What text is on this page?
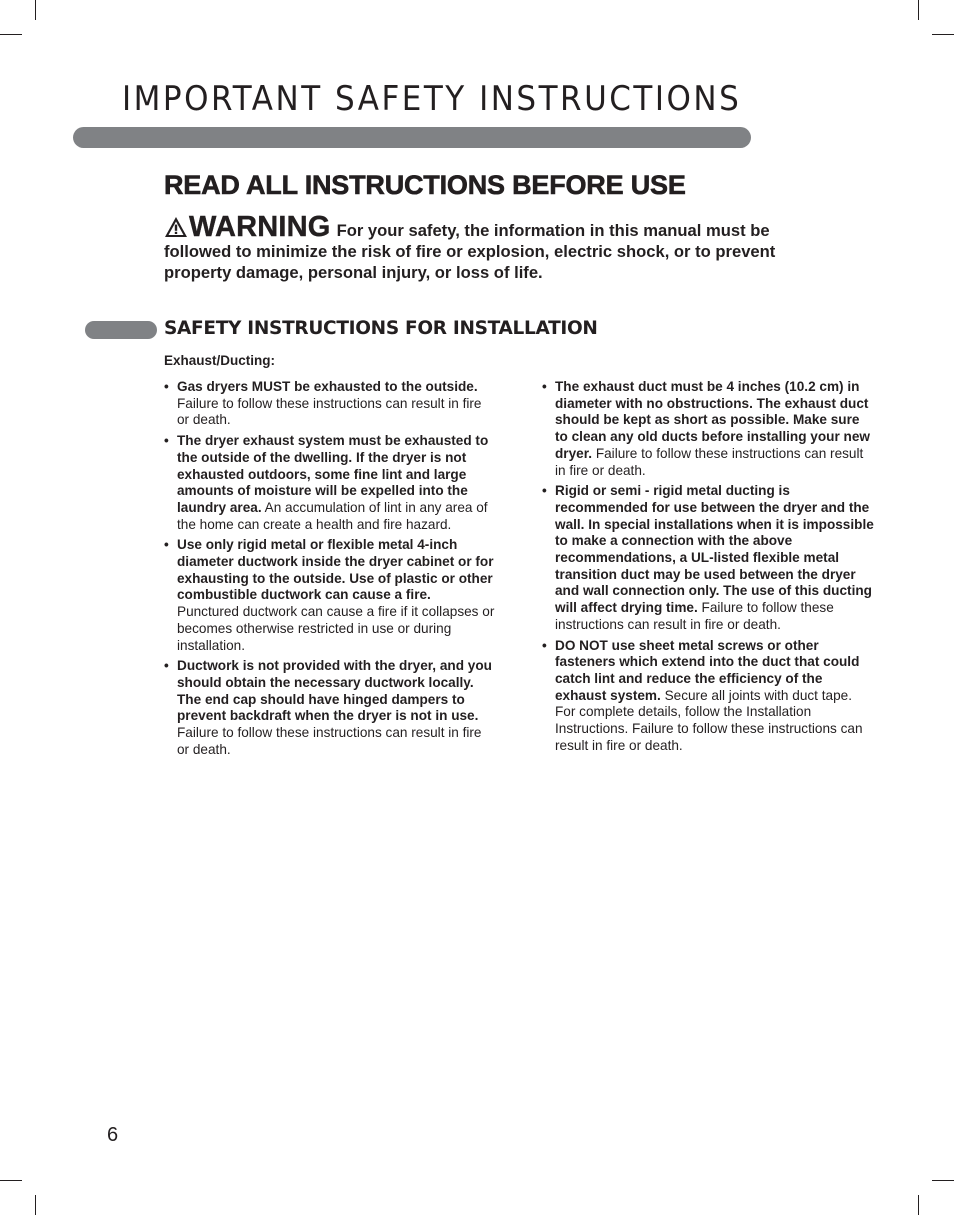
IMPORTANT SAFETY INSTRUCTIONS
READ ALL INSTRUCTIONS BEFORE USE
WARNING For your safety, the information in this manual must be followed to minimize the risk of fire or explosion, electric shock, or to prevent property damage, personal injury, or loss of life.
SAFETY INSTRUCTIONS FOR INSTALLATION
Exhaust/Ducting:
• Gas dryers MUST be exhausted to the outside. Failure to follow these instructions can result in fire or death.
• The dryer exhaust system must be exhausted to the outside of the dwelling. If the dryer is not exhausted outdoors, some fine lint and large amounts of moisture will be expelled into the laundry area. An accumulation of lint in any area of the home can create a health and fire hazard.
• Use only rigid metal or flexible metal 4-inch diameter ductwork inside the dryer cabinet or for exhausting to the outside. Use of plastic or other combustible ductwork can cause a fire. Punctured ductwork can cause a fire if it collapses or becomes otherwise restricted in use or during installation.
• Ductwork is not provided with the dryer, and you should obtain the necessary ductwork locally. The end cap should have hinged dampers to prevent backdraft when the dryer is not in use. Failure to follow these instructions can result in fire or death.
• The exhaust duct must be 4 inches (10.2 cm) in diameter with no obstructions. The exhaust duct should be kept as short as possible. Make sure to clean any old ducts before installing your new dryer. Failure to follow these instructions can result in fire or death.
• Rigid or semi - rigid metal ducting is recommended for use between the dryer and the wall. In special installations when it is impossible to make a connection with the above recommendations, a UL-listed flexible metal transition duct may be used between the dryer and wall connection only. The use of this ducting will affect drying time. Failure to follow these instructions can result in fire or death.
• DO NOT use sheet metal screws or other fasteners which extend into the duct that could catch lint and reduce the efficiency of the exhaust system. Secure all joints with duct tape. For complete details, follow the Installation Instructions. Failure to follow these instructions can result in fire or death.
6
